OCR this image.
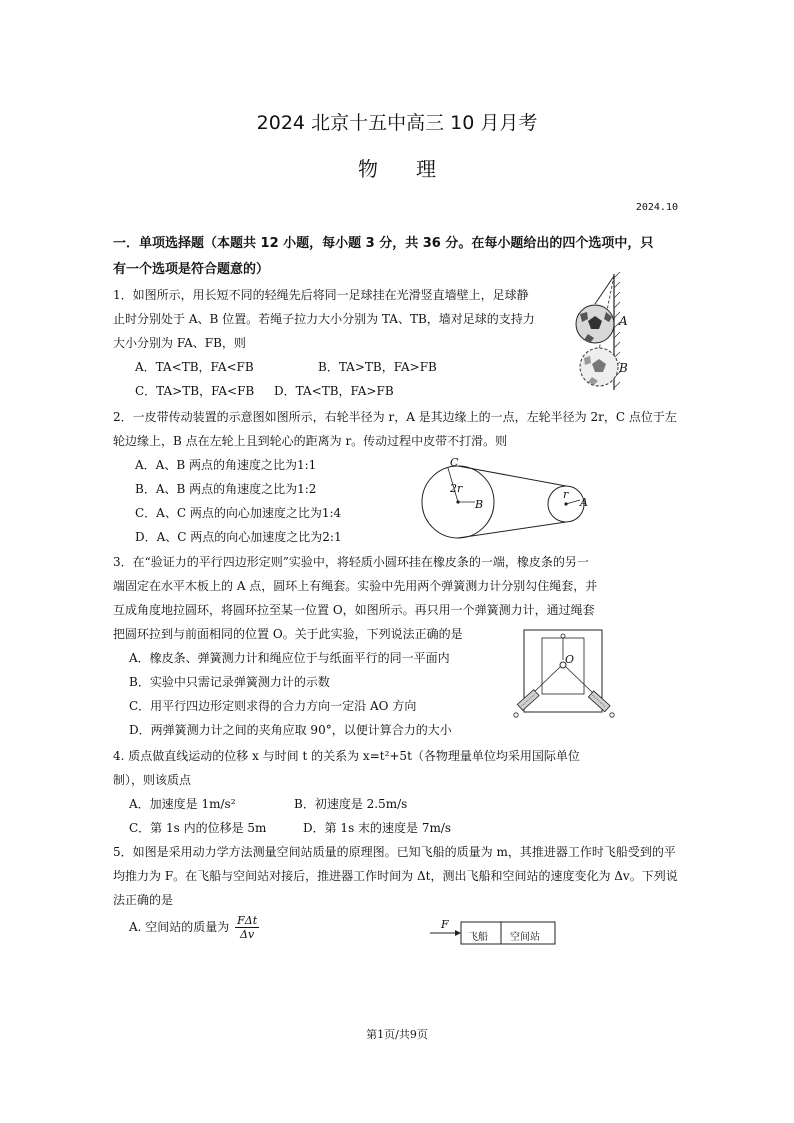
2024 北京十五中高三 10 月月考
物理
2024.10
一．单项选择题（本题共 12 小题，每小题 3 分，共 36 分。在每小题给出的四个选项中，只
有一个选项是符合题意的）
1．如图所示，用长短不同的轻绳先后将同一足球挂在光滑竖直墙壁上，足球静
止时分别处于 A、B 位置。若绳子拉力大小分别为 TA、TB，墙对足球的支持力
大小分别为 FA、FB，则
A．TA<TB，FA<FB	B．TA>TB，FA>FB
C．TA>TB，FA<FB D．TA<TB，FA>FB
A
B
2．一皮带传动装置的示意图如图所示，右轮半径为 r，A 是其边缘上的一点，左轮半径为 2r，C 点位于左
轮边缘上，B 点在左轮上且到轮心的距离为 r。传动过程中皮带不打滑。则
A．A、B 两点的角速度之比为1:1
B．A、B 两点的角速度之比为1:2
C．A、C 两点的向心加速度之比为1:4
D．A、C 两点的向心加速度之比为2:1
C
2r
B
r
A
3．在“验证力的平行四边形定则”实验中，将轻质小圆环挂在橡皮条的一端，橡皮条的另一
端固定在水平木板上的 A 点，圆环上有绳套。实验中先用两个弹簧测力计分别勾住绳套，并
互成角度地拉圆环，将圆环拉至某一位置 O，如图所示。再只用一个弹簧测力计，通过绳套
把圆环拉到与前面相同的位置 O。关于此实验，下列说法正确的是
A．橡皮条、弹簧测力计和绳应位于与纸面平行的同一平面内
B．实验中只需记录弹簧测力计的示数
C．用平行四边形定则求得的合力方向一定沿 AO 方向
D．两弹簧测力计之间的夹角应取 90°，以便计算合力的大小
O
4. 质点做直线运动的位移 x 与时间 t 的关系为 x=t²+5t（各物理量单位均采用国际单位
制），则该质点
A．加速度是 1m/s²	B．初速度是 2.5m/s
C．第 1s 内的位移是 5m	D．第 1s 末的速度是 7m/s
5．如图是采用动力学方法测量空间站质量的原理图。已知飞船的质量为 m，其推进器工作时飞船受到的平
均推力为 F。在飞船与空间站对接后，推进器工作时间为 Δt，测出飞船和空间站的速度变化为 Δv。下列说
法正确的是
A. 空间站的质量为 $\frac{\text{FΔt}}{\Delta v}$	F
飞船 空间站
第1页/共9页
